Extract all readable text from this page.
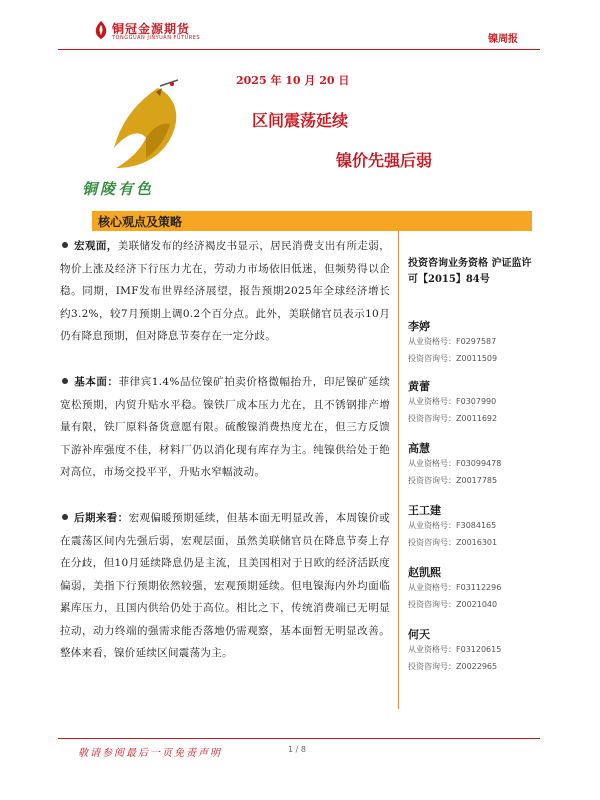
铜冠金源期货
TONGGUAN JINYUAN FUTURES	镍周报
2025 年 10 月 20 日
区间震荡延续
镍价先强后弱
铜陵有色
核心观点及策略
宏观面，美联储发布的经济褐皮书显示，居民消费支出有所走弱，物价上涨及经济下行压力尤在，劳动力市场依旧低迷，但频势得以企稳。同期，IMF发布世界经济展望，报告预期2025年全球经济增长约3.2%，较7月预期上调0.2个百分点。此外，美联储官员表示10月仍有降息预期，但对降息节奏存在一定分歧。
基本面：菲律宾1.4%品位镍矿拍卖价格微幅抬升，印尼镍矿延续宽松预期，内贸升贴水平稳。镍铁厂成本压力尤在，且不锈钢排产增量有限，铁厂原料备货意愿有限。硫酸镍消费热度尤在，但三方反馈下游补库强度不佳，材料厂仍以消化现有库存为主。纯镍供给处于绝对高位，市场交投平平，升贴水窄幅波动。
后期来看：宏观偏暖预期延续，但基本面无明显改善，本周镍价或在震荡区间内先强后弱，宏观层面，虽然美联储官员在降息节奏上存在分歧，但10月延续降息仍是主流，且美国相对于日欧的经济活跃度偏弱，美指下行预期依然较强，宏观预期延续。但电镍海内外均面临累库压力，且国内供给仍处于高位。相比之下，传统消费端已无明显拉动，动力终端的强需求能否落地仍需观察，基本面暂无明显改善。整体来看，镍价延续区间震荡为主。
投资咨询业务资格 沪证监许可【2015】84号
李婷
从业资格号：F0297587
投资咨询号：Z0011509
黄蕾
从业资格号：F0307990
投资咨询号：Z0011692
高慧
从业资格号：F03099478
投资咨询号：Z0017785
王工建
从业资格号：F3084165
投资咨询号：Z0016301
赵凯熙
从业资格号：F03112296
投资咨询号：Z0021040
何天
从业资格号：F03120615
投资咨询号：Z0022965
敬请参阅最后一页免责声明	1 / 8
